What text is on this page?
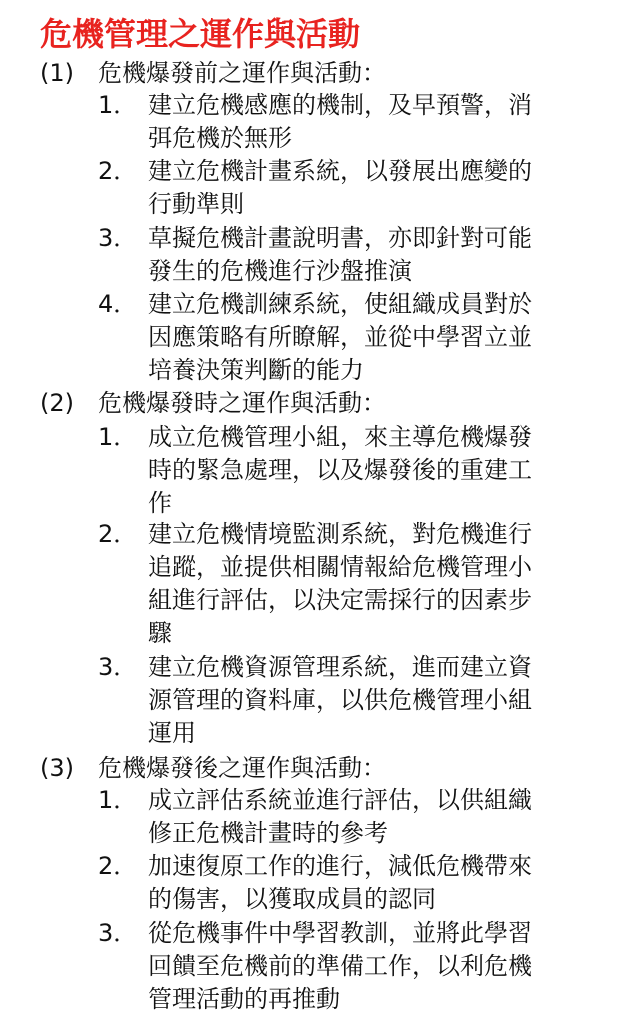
危機管理之運作與活動
(1) 危機爆發前之運作與活動：
1． 建立危機感應的機制，及早預警，消
弭危機於無形
2． 建立危機計畫系統，以發展出應變的
行動準則
3． 草擬危機計畫說明書，亦即針對可能
發生的危機進行沙盤推演
4． 建立危機訓練系統，使組織成員對於
因應策略有所瞭解，並從中學習立並
培養決策判斷的能力
(2) 危機爆發時之運作與活動：
1． 成立危機管理小組，來主導危機爆發
時的緊急處理，以及爆發後的重建工
作
2． 建立危機情境監測系統，對危機進行
追蹤，並提供相關情報給危機管理小
組進行評估，以決定需採行的因素步
驟
3． 建立危機資源管理系統，進而建立資
源管理的資料庫，以供危機管理小組
運用
(3) 危機爆發後之運作與活動：
1． 成立評估系統並進行評估，以供組織
修正危機計畫時的參考
2． 加速復原工作的進行，減低危機帶來
的傷害，以獲取成員的認同
3． 從危機事件中學習教訓，並將此學習
回饋至危機前的準備工作，以利危機
管理活動的再推動
